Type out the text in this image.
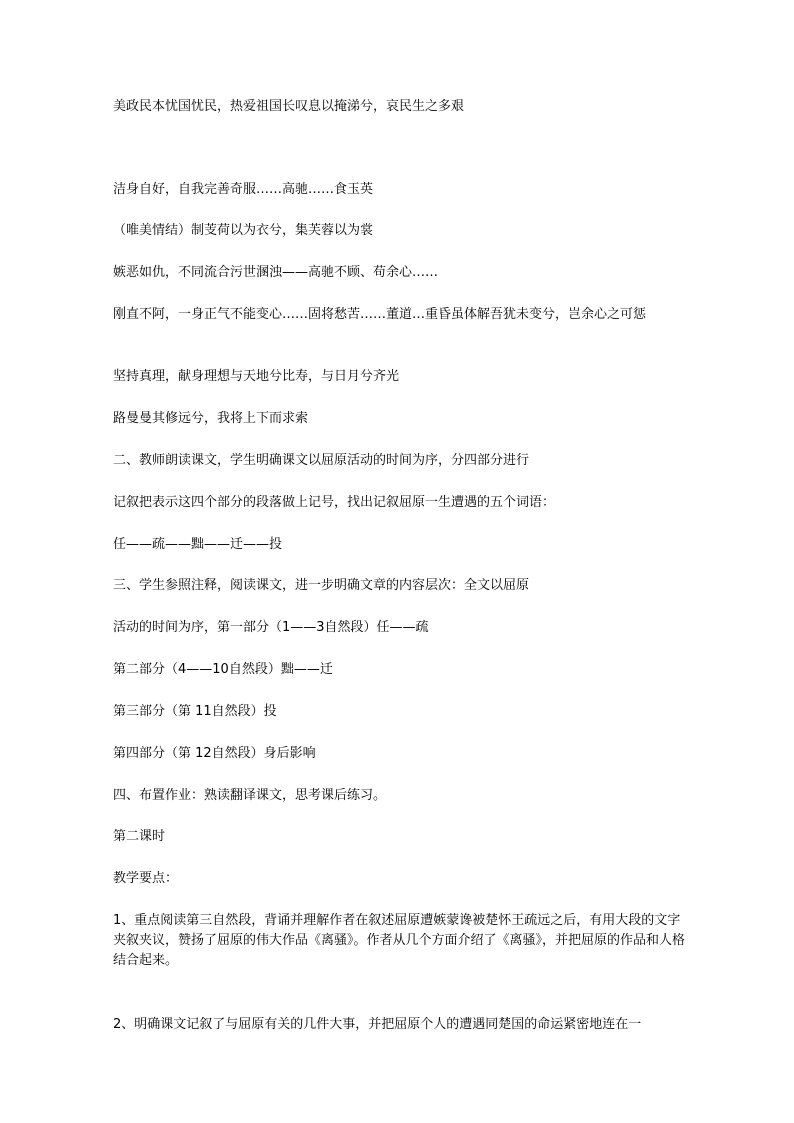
美政民本忧国忧民，热爱祖国长叹息以掩涕兮，哀民生之多艰

洁身自好，自我完善奇服……高驰……食玉英

（唯美情结）制芰荷以为衣兮，集芙蓉以为裳

嫉恶如仇，不同流合污世溷浊——高驰不顾、苟余心……

刚直不阿，一身正气不能变心……固将愁苦……董道…重昏虽体解吾犹未变兮，岂余心之可惩

坚持真理，献身理想与天地兮比寿，与日月兮齐光

路曼曼其修远兮，我将上下而求索

二、教师朗读课文，学生明确课文以屈原活动的时间为序，分四部分进行

记叙把表示这四个部分的段落做上记号，找出记叙屈原一生遭遇的五个词语：

任——疏——黜——迁——投

三、学生参照注释，阅读课文，进一步明确文章的内容层次：全文以屈原

活动的时间为序，第一部分（1——3自然段）任——疏

第二部分（4——10自然段）黜——迁

第三部分（第 11自然段）投

第四部分（第 12自然段）身后影响

四、布置作业：熟读翻译课文，思考课后练习。

第二课时

教学要点：

1、重点阅读第三自然段，背诵并理解作者在叙述屈原遭嫉蒙谗被楚怀王疏远之后，有用大段的文字夹叙夹议，赞扬了屈原的伟大作品《离骚》。作者从几个方面介绍了《离骚》，并把屈原的作品和人格结合起来。

2、明确课文记叙了与屈原有关的几件大事，并把屈原个人的遭遇同楚国的命运紧密地连在一
